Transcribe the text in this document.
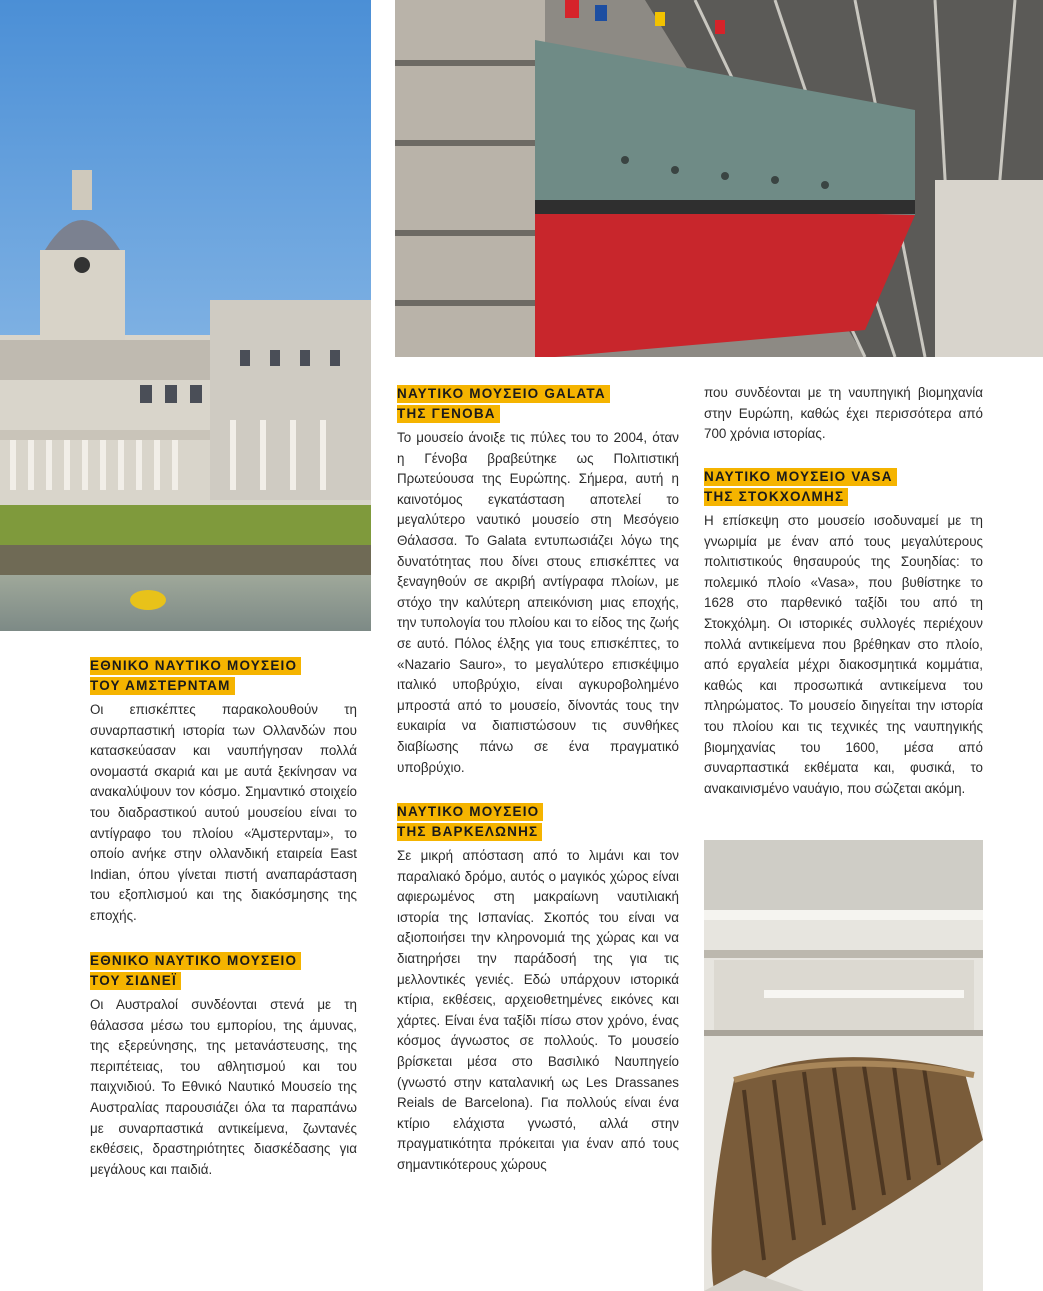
ΕΘΝΙΚΟ ΝΑΥΤΙΚΟ ΜΟΥΣΕΙΟ
ΤΟΥ ΑΜΣΤΕΡΝΤΑΜ

Οι επισκέπτες παρακολουθούν τη συναρπαστική ιστορία των Ολλανδών που κατασκεύασαν και ναυπήγησαν πολλά ονομαστά σκαριά και με αυτά ξεκίνησαν να ανακαλύψουν τον κόσμο. Σημαντικό στοιχείο του διαδραστικού αυτού μουσείου είναι το αντίγραφο του πλοίου «Άμστερνταμ», το οποίο ανήκε στην ολλανδική εταιρεία East Indian, όπου γίνεται πιστή αναπαράσταση του εξοπλισμού και της διακόσμησης της εποχής.

ΕΘΝΙΚΟ ΝΑΥΤΙΚΟ ΜΟΥΣΕΙΟ
ΤΟΥ ΣΙΔΝΕΪ

Οι Αυστραλοί συνδέονται στενά με τη θάλασσα μέσω του εμπορίου, της άμυνας, της εξερεύνησης, της μετανάστευσης, της περιπέτειας, του αθλητισμού και του παιχνιδιού. Το Εθνικό Ναυτικό Μουσείο της Αυστραλίας παρουσιάζει όλα τα παραπάνω με συναρπαστικά αντικείμενα, ζωντανές εκθέσεις, δραστηριότητες διασκέδασης για μεγάλους και παιδιά.

ΝΑΥΤΙΚΟ ΜΟΥΣΕΙΟ GALATA
ΤΗΣ ΓΕΝΟΒΑ

Το μουσείο άνοιξε τις πύλες του το 2004, όταν η Γένοβα βραβεύτηκε ως Πολιτιστική Πρωτεύουσα της Ευρώπης. Σήμερα, αυτή η καινοτόμος εγκατάσταση αποτελεί το μεγαλύτερο ναυτικό μουσείο στη Μεσόγειο Θάλασσα. Το Galata εντυπωσιάζει λόγω της δυνατότητας που δίνει στους επισκέπτες να ξεναγηθούν σε ακριβή αντίγραφα πλοίων, με στόχο την καλύτερη απεικόνιση μιας εποχής, την τυπολογία του πλοίου και το είδος της ζωής σε αυτό. Πόλος έλξης για τους επισκέπτες, το «Nazario Sauro», το μεγαλύτερο επισκέψιμο ιταλικό υποβρύχιο, είναι αγκυροβολημένο μπροστά από το μουσείο, δίνοντάς τους την ευκαιρία να διαπιστώσουν τις συνθήκες διαβίωσης πάνω σε ένα πραγματικό υποβρύχιο.

ΝΑΥΤΙΚΟ ΜΟΥΣΕΙΟ
ΤΗΣ ΒΑΡΚΕΛΩΝΗΣ

Σε μικρή απόσταση από το λιμάνι και τον παραλιακό δρόμο, αυτός ο μαγικός χώρος είναι αφιερωμένος στη μακραίωνη ναυτιλιακή ιστορία της Ισπανίας. Σκοπός του είναι να αξιοποιήσει την κληρονομιά της χώρας και να διατηρήσει την παράδοσή της για τις μελλοντικές γενιές. Εδώ υπάρχουν ιστορικά κτίρια, εκθέσεις, αρχειοθετημένες εικόνες και χάρτες. Είναι ένα ταξίδι πίσω στον χρόνο, ένας κόσμος άγνωστος σε πολλούς. Το μουσείο βρίσκεται μέσα στο Βασιλικό Ναυπηγείο (γνωστό στην καταλανική ως Les Drassanes Reials de Barcelona). Για πολλούς είναι ένα κτίριο ελάχιστα γνωστό, αλλά στην πραγματικότητα πρόκειται για έναν από τους σημαντικότερους χώρους

που συνδέονται με τη ναυπηγική βιομηχανία στην Ευρώπη, καθώς έχει περισσότερα από 700 χρόνια ιστορίας.

ΝΑΥΤΙΚΟ ΜΟΥΣΕΙΟ VASA
ΤΗΣ ΣΤΟΚΧΟΛΜΗΣ

Η επίσκεψη στο μουσείο ισοδυναμεί με τη γνωριμία με έναν από τους μεγαλύτερους πολιτιστικούς θησαυρούς της Σουηδίας: το πολεμικό πλοίο «Vasa», που βυθίστηκε το 1628 στο παρθενικό ταξίδι του από τη Στοκχόλμη. Οι ιστορικές συλλογές περιέχουν πολλά αντικείμενα που βρέθηκαν στο πλοίο, από εργαλεία μέχρι διακοσμητικά κομμάτια, καθώς και προσωπικά αντικείμενα του πληρώματος. Το μουσείο διηγείται την ιστορία του πλοίου και τις τεχνικές της ναυπηγικής βιομηχανίας του 1600, μέσα από συναρπαστικά εκθέματα και, φυσικά, το ανακαινισμένο ναυάγιο, που σώζεται ακόμη.
